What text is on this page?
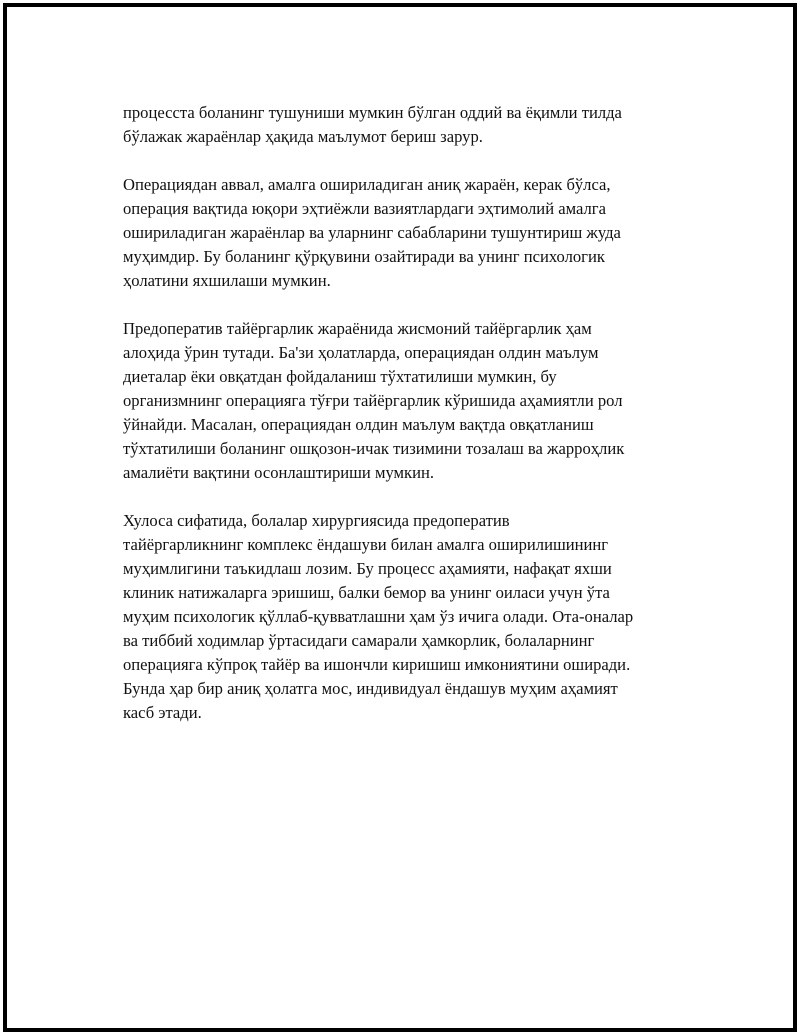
процесста боланинг тушуниши мумкин бўлган оддий ва ёқимли тилда
бўлажак жараёнлар ҳақида маълумот бериш зарур.

Операциядан аввал, амалга ошириладиган аниқ жараён, керак бўлса,
операция вақтида юқори эҳтиёжли вазиятлардаги эҳтимолий амалга
ошириладиган жараёнлар ва уларнинг сабабларини тушунтириш жуда
муҳимдир. Бу боланинг қўрқувини озайтиради ва унинг психологик
ҳолатини яхшилаши мумкин.

Предоператив тайёргарлик жараёнида жисмоний тайёргарлик ҳам
алоҳида ўрин тутади. Ба'зи ҳолатларда, операциядан олдин маълум
диеталар ёки овқатдан фойдаланиш тўхтатилиши мумкин, бу
организмнинг операцияга тўғри тайёргарлик кўришида аҳамиятли рол
ўйнайди. Масалан, операциядан олдин маълум вақтда овқатланиш
тўхтатилиши боланинг ошқозон-ичак тизимини тозалаш ва жарроҳлик
амалиёти вақтини осонлаштириши мумкин.

Хулоса сифатида, болалар хирургиясида предоператив
тайёргарликнинг комплекс ёндашуви билан амалга оширилишининг
муҳимлигини таъкидлаш лозим. Бу процесс аҳамияти, нафақат яхши
клиник натижаларга эришиш, балки бемор ва унинг оиласи учун ўта
муҳим психологик қўллаб-қувватлашни ҳам ўз ичига олади. Ота-оналар
ва тиббий ходимлар ўртасидаги самарали ҳамкорлик, болаларнинг
операцияга кўпроқ тайёр ва ишончли киришиш имкониятини оширади.
Бунда ҳар бир аниқ ҳолатга мос, индивидуал ёндашув муҳим аҳамият
касб этади.
